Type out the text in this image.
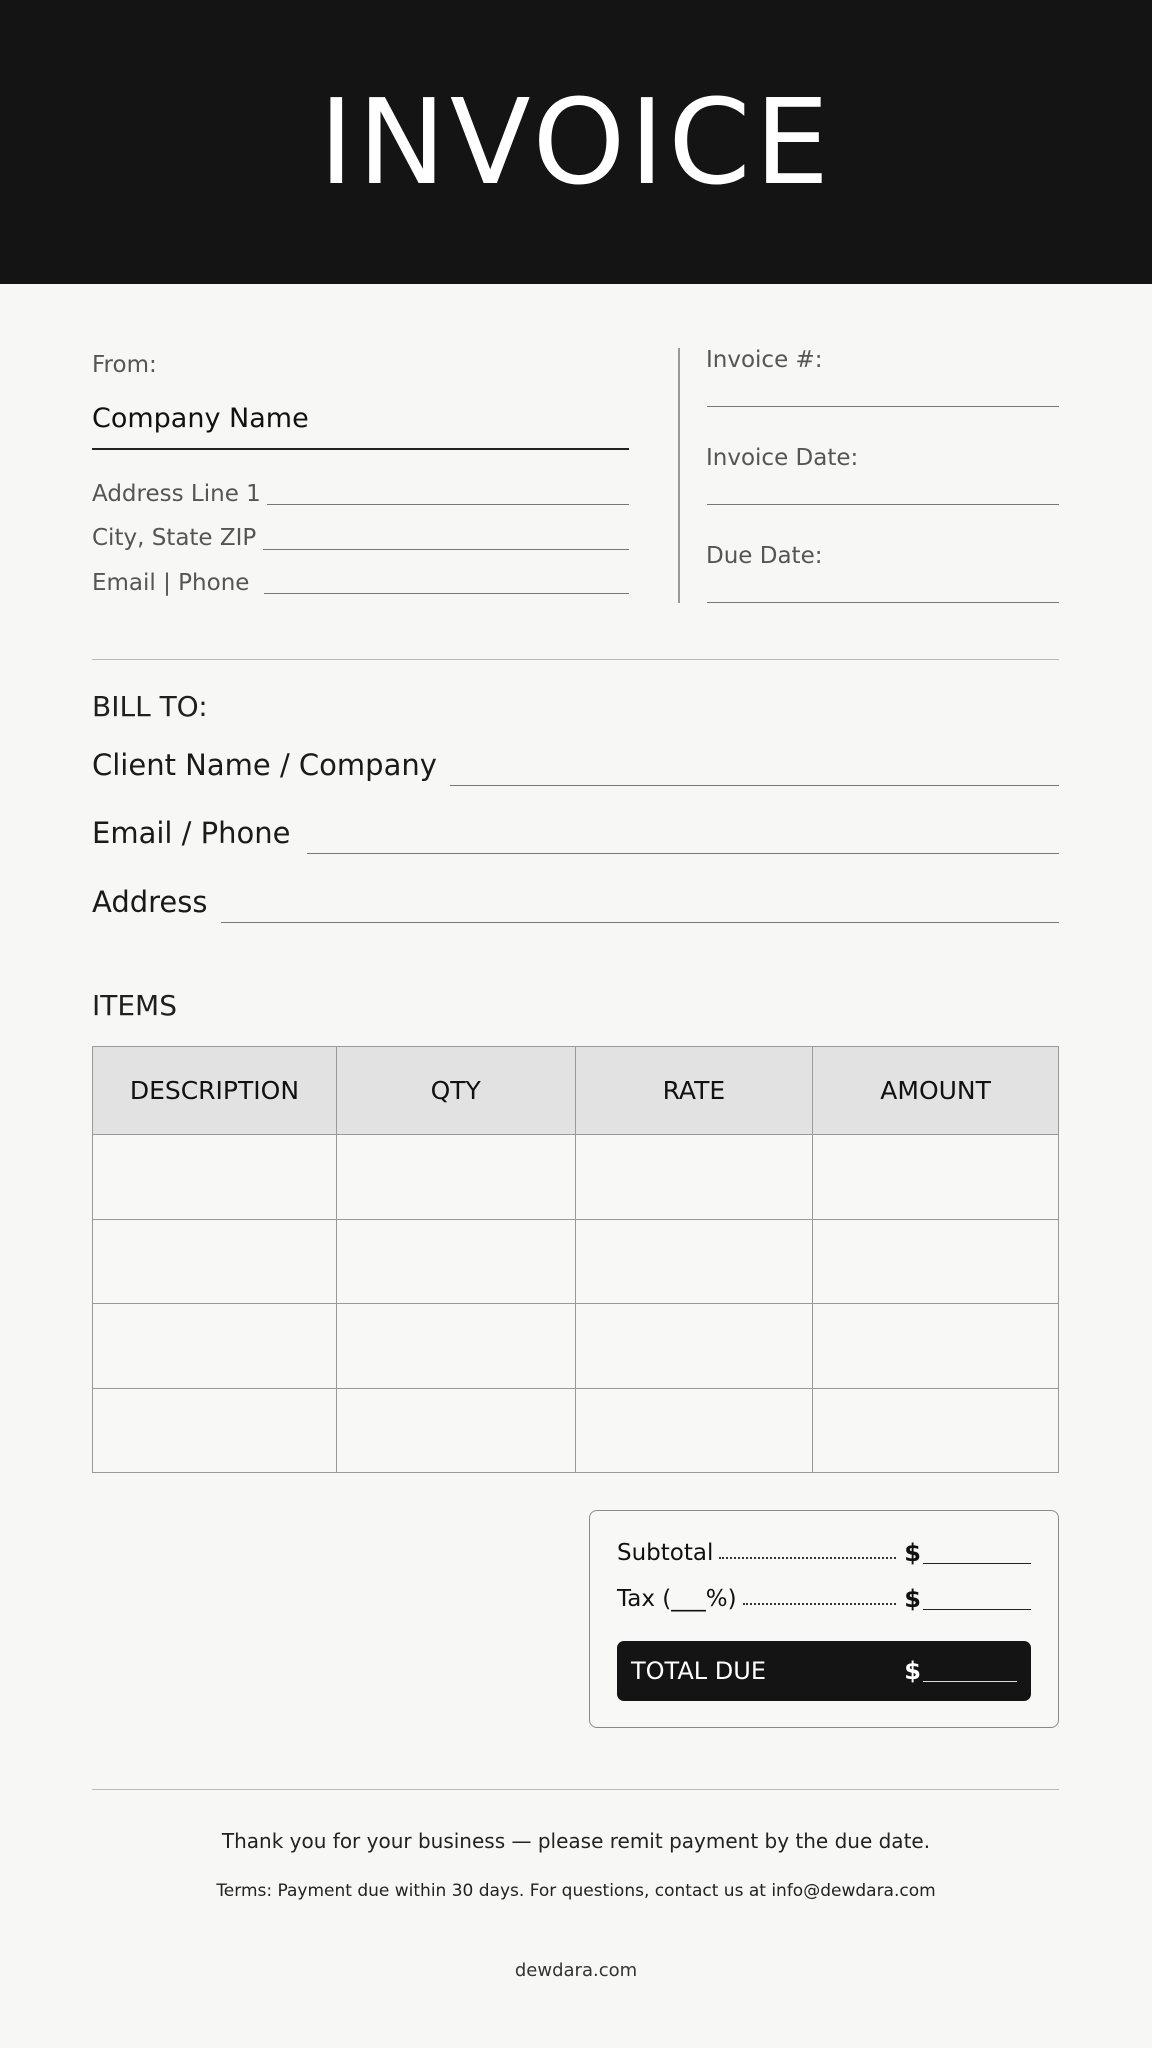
INVOICE
From:
Company Name
Address Line 1
City, State ZIP
Email | Phone
Invoice #:
Invoice Date:
Due Date:
BILL TO:
Client Name / Company
Email / Phone
Address
ITEMS
DESCRIPTION	QTY	RATE	AMOUNT

Subtotal	$
Tax (___%)	$
TOTAL DUE	$
Thank you for your business — please remit payment by the due date.
Terms: Payment due within 30 days. For questions, contact us at info@dewdara.com
dewdara.com
